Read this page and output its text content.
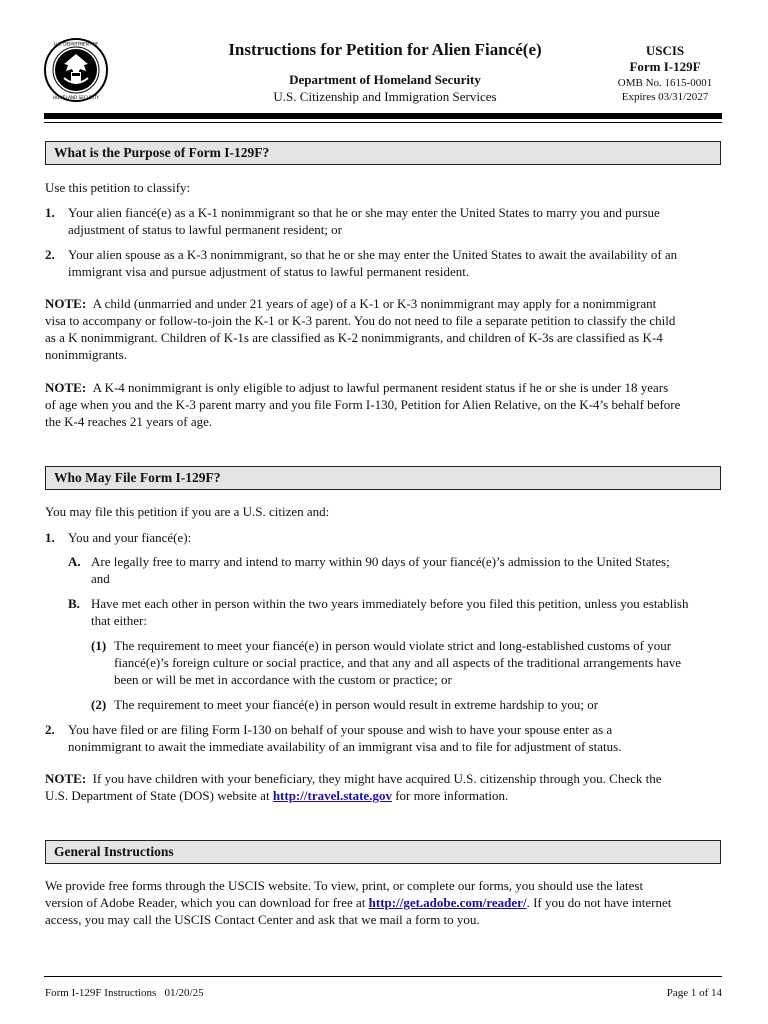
U.S. DEPARTMENT OF
HOMELAND SECURITY
Instructions for Petition for Alien Fiancé(e)
Department of Homeland Security
U.S. Citizenship and Immigration Services
USCIS
Form I-129F
OMB No. 1615-0001
Expires 03/31/2027
What is the Purpose of Form I-129F?
Use this petition to classify:
1. Your alien fiancé(e) as a K-1 nonimmigrant so that he or she may enter the United States to marry you and pursue
adjustment of status to lawful permanent resident; or
2. Your alien spouse as a K-3 nonimmigrant, so that he or she may enter the United States to await the availability of an
immigrant visa and pursue adjustment of status to lawful permanent resident.
NOTE: A child (unmarried and under 21 years of age) of a K-1 or K-3 nonimmigrant may apply for a nonimmigrant
visa to accompany or follow-to-join the K-1 or K-3 parent. You do not need to file a separate petition to classify the child
as a K nonimmigrant. Children of K-1s are classified as K-2 nonimmigrants, and children of K-3s are classified as K-4
nonimmigrants.
NOTE: A K-4 nonimmigrant is only eligible to adjust to lawful permanent resident status if he or she is under 18 years
of age when you and the K-3 parent marry and you file Form I-130, Petition for Alien Relative, on the K-4’s behalf before
the K-4 reaches 21 years of age.
Who May File Form I-129F?
You may file this petition if you are a U.S. citizen and:
1. You and your fiancé(e):
A. Are legally free to marry and intend to marry within 90 days of your fiancé(e)’s admission to the United States;
and
B. Have met each other in person within the two years immediately before you filed this petition, unless you establish
that either:
(1) The requirement to meet your fiancé(e) in person would violate strict and long-established customs of your
fiancé(e)’s foreign culture or social practice, and that any and all aspects of the traditional arrangements have
been or will be met in accordance with the custom or practice; or
(2) The requirement to meet your fiancé(e) in person would result in extreme hardship to you; or
2. You have filed or are filing Form I-130 on behalf of your spouse and wish to have your spouse enter as a
nonimmigrant to await the immediate availability of an immigrant visa and to file for adjustment of status.
NOTE: If you have children with your beneficiary, they might have acquired U.S. citizenship through you. Check the
U.S. Department of State (DOS) website at http://travel.state.gov for more information.
General Instructions
We provide free forms through the USCIS website. To view, print, or complete our forms, you should use the latest
version of Adobe Reader, which you can download for free at http://get.adobe.com/reader/. If you do not have internet
access, you may call the USCIS Contact Center and ask that we mail a form to you.
Form I-129F Instructions   01/20/25	Page 1 of 14
